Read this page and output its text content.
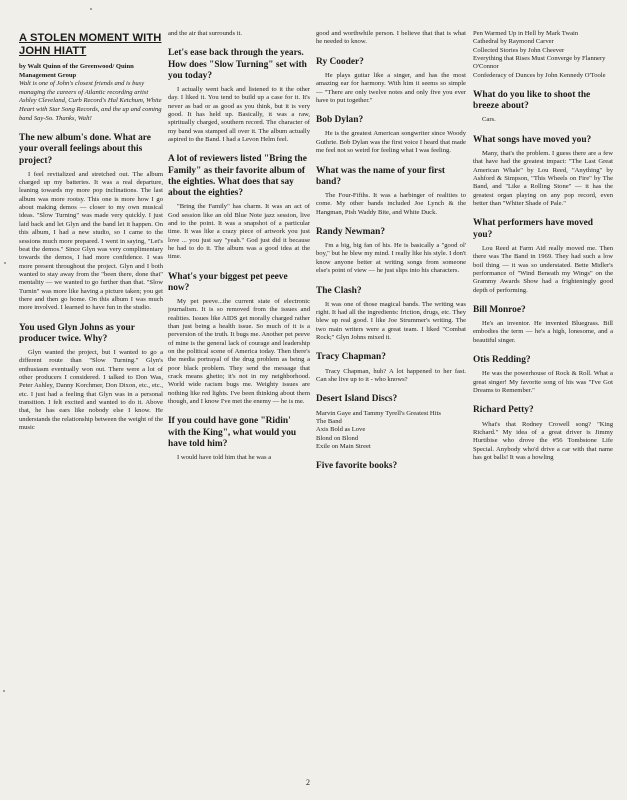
A STOLEN MOMENT WITH JOHN HIATT
by Walt Quinn of the Greenwood/ Quinn Management Group
Walt is one of John's closest friends and is busy managing the careers of Atlantic recording artist Ashley Cleveland, Curb Record's Hal Ketchum, White Heart with Star Song Records, and the up and coming band Say-So. Thanks, Walt!
The new album's done. What are your overall feelings about this project?

I feel revitalized and stretched out. The album charged up my batteries. It was a real departure, leaning towards my more pop inclinations. The last album was more rootsy. This one is more how I go about making demos — closer to my own musical ideas. "Slow Turning" was made very quickly. I just laid back and let Glyn and the band let it happen. On this album, I had a new studio, so I came to the sessions much more prepared. I went in saying, "Let's beat the demos." Since Glyn was very complimentary towards the demos, I had more confidence. I was more present throughout the project. Glyn and I both wanted to stay away from the "been there, done that" mentality — we wanted to go further than that. "Slow Turnin" was more like having a picture taken; you get there and then go home. On this album I was much more involved. I learned to have fun in the studio.

You used Glyn Johns as your producer twice. Why?

Glyn wanted the project, but I wanted to go a different route than "Slow Turning." Glyn's enthusiasm eventually won out. There were a lot of other producers I considered. I talked to Don Was, Peter Ashley, Danny Korchmer, Don Dixon, etc., etc., etc. I just had a feeling that Glyn was in a personal transition. I felt excited and wanted to do it. Above that, he has ears like nobody else I know. He understands the relationship between the weight of the music

and the air that surrounds it.

Let's ease back through the years. How does "Slow Turning" set with you today?

I actually went back and listened to it the other day. I liked it. You tend to build up a case for it. It's never as bad or as good as you think, but it is very good. It has held up. Basically, it was a raw, spiritually charged, southern record. The character of my band was stamped all over it. The album actually aspired to the Band. I had a Levon Helm feel.

A lot of reviewers listed "Bring the Family" as their favorite album of the eighties. What does that say about the eighties?

"Bring the Family" has charm. It was an act of God session like an old Blue Note jazz session, live and to the point. It was a snapshot of a particular time. It was like a crazy piece of artwork you just love ... you just say "yeah." God just did it because he had to do it. The album was a good idea at the time.

What's your biggest pet peeve now?

My pet peeve...the current state of electronic journalism. It is so removed from the issues and realities. Issues like AIDS get morally charged rather than just being a health issue. So much of it is a perversion of the truth. It bugs me. Another pet peeve of mine is the general lack of courage and leadership on the political scene of America today. Then there's the media portrayal of the drug problem as being a poor black problem. They send the message that crack means ghetto; it's not in my neighborhood. World wide racism bugs me. Weighty issues are nothing like red lights. I've been thinking about them though, and I know I've met the enemy — he is me.

If you could have gone "Ridin' with the King", what would you have told him?

I would have told him that he was a

good and worthwhile person. I believe that that is what he needed to know.

Ry Cooder?

He plays guitar like a singer, and has the most amazing ear for harmony. With him it seems so simple — "There are only twelve notes and only five you ever have to put together."

Bob Dylan?

He is the greatest American songwriter since Woody Guthrie. Bob Dylan was the first voice I heard that made me feel not so weird for feeling what I was feeling.

What was the name of your first band?

The Four-Fifths. It was a harbinger of realities to come. My other bands included Joe Lynch & the Hangman, Pish Waddy Bite, and White Duck.

Randy Newman?

I'm a big, big fan of his. He is basically a "good ol' boy," but he blew my mind. I really like his style. I don't know anyone better at writing songs from someone else's point of view — he just slips into his characters.

The Clash?

It was one of those magical bands. The writing was right. It had all the ingredients: friction, drugs, etc. They blew up real good. I like Joe Strummer's writing. The two main writers were a great team. I liked "Combat Rock;" Glyn Johns mixed it.

Tracy Chapman?

Tracy Chapman, huh? A lot happened to her fast. Can she live up to it - who knows?

Desert Island Discs?
Marvin Gaye and Tammy Tyrell's Greatest Hits
The Band
Axis Bold as Love
Blond on Blond
Exile on Main Street
Five favorite books?
Pen Warmed Up in Hell by Mark Twain
Cathedral by Raymond Carver
Collected Stories by John Cheever
Everything that Rises Must Converge by Flannery O'Connor
Confederacy of Dunces by John Kennedy O'Toole
What do you like to shoot the breeze about?

Cars.

What songs have moved you?

Many, that's the problem. I guess there are a few that have had the greatest impact: "The Last Great American Whale" by Lou Reed, "Anything" by Ashford & Simpson, "This Wheels on Fire" by The Band, and "Like a Rolling Stone" — it has the greatest organ playing on any pop record, even better than "Whiter Shade of Pale."

What performers have moved you?

Lou Reed at Farm Aid really moved me. Then there was The Band in 1969. They had such a low boil thing — it was so understated. Bette Midler's performance of "Wind Beneath my Wings" on the Grammy Awards Show had a frighteningly good depth of performing.

Bill Monroe?

He's an inventor. He invented Bluegrass. Bill embodies the term — he's a high, lonesome, and a beautiful singer.

Otis Redding?

He was the powerhouse of Rock & Roll. What a great singer! My favorite song of his was "I've Got Dreams to Remember."

Richard Petty?

What's that Rodney Crowell song? "King Richard." My idea of a great driver is Jimmy Hurtibise who drove the #56 Tombstone Life Special. Anybody who'd drive a car with that name has got balls! It was a howling

2
